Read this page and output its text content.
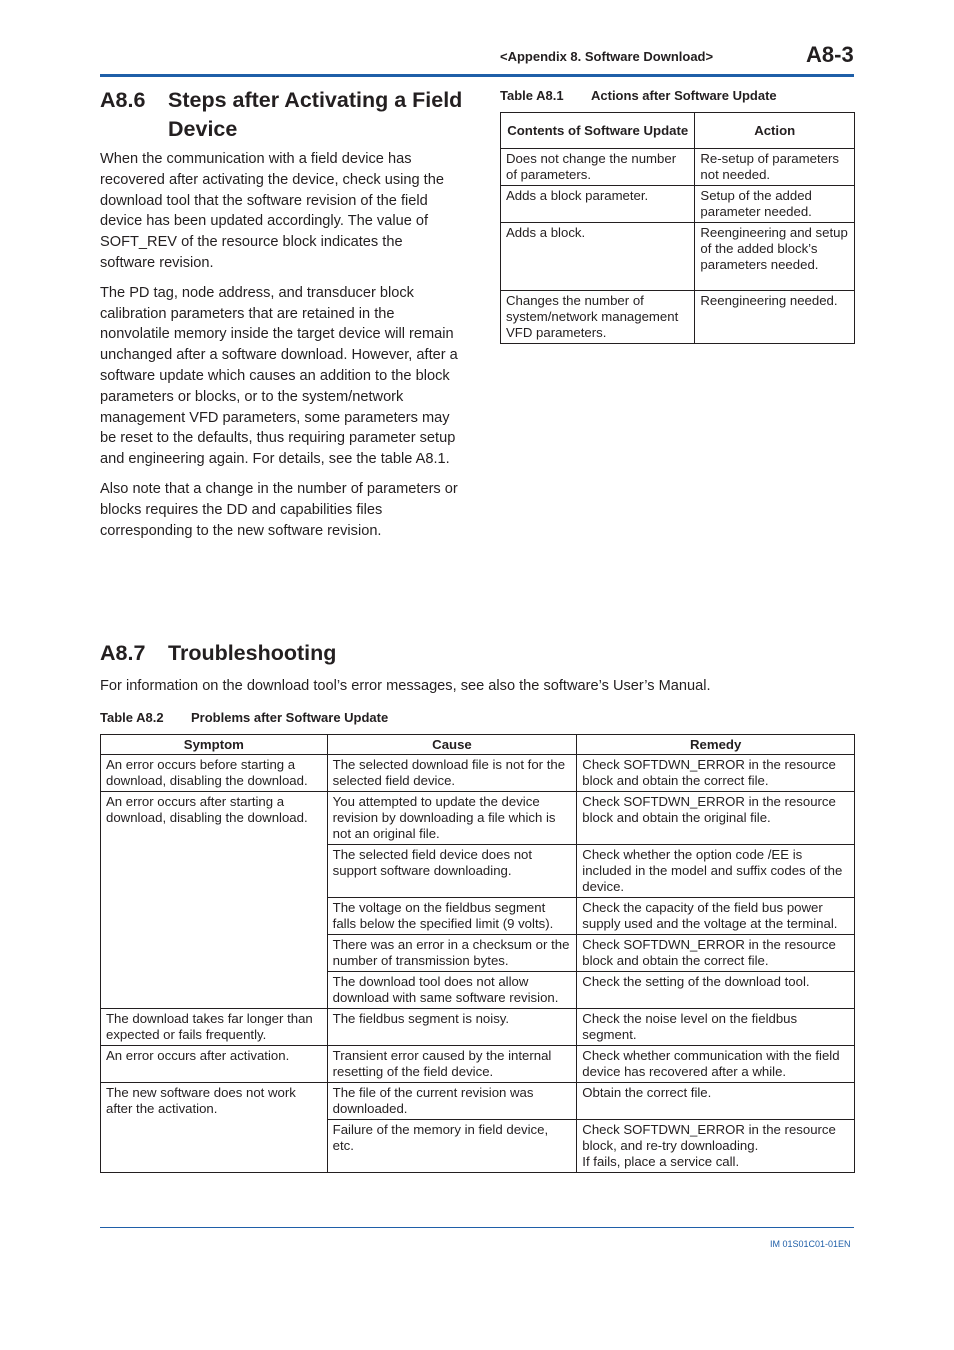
<Appendix 8. Software Download>	A8-3
A8.6 Steps after Activating a Field Device

When the communication with a field device has recovered after activating the device, check using the download tool that the software revision of the field device has been updated accordingly. The value of SOFT_REV of the resource block indicates the software revision.

The PD tag, node address, and transducer block calibration parameters that are retained in the nonvolatile memory inside the target device will remain unchanged after a software download. However, after a software update which causes an addition to the block parameters or blocks, or to the system/network management VFD parameters, some parameters may be reset to the defaults, thus requiring parameter setup and engineering again. For details, see the table A8.1.

Also note that a change in the number of parameters or blocks requires the DD and capabilities files corresponding to the new software revision.

Table A8.1 Actions after Software Update
Contents of Software Update	Action
Does not change the number of parameters.	Re-setup of parameters not needed.
Adds a block parameter.	Setup of the added parameter needed.
Adds a block.	Reengineering and setup of the added block’s parameters needed.
Changes the number of system/network management VFD parameters.	Reengineering needed.
A8.7 Troubleshooting
For information on the download tool’s error messages, see also the software’s User’s Manual.
Table A8.2 Problems after Software Update
Symptom	Cause	Remedy
An error occurs before starting a download, disabling the download.	The selected download file is not for the selected field device.	Check SOFTDWN_ERROR in the resource block and obtain the correct file.
An error occurs after starting a download, disabling the download.	You attempted to update the device revision by downloading a file which is not an original file.	Check SOFTDWN_ERROR in the resource block and obtain the original file.
	The selected field device does not support software downloading.	Check whether the option code /EE is included in the model and suffix codes of the device.
	The voltage on the fieldbus segment falls below the specified limit (9 volts).	Check the capacity of the field bus power supply used and the voltage at the terminal.
	There was an error in a checksum or the number of transmission bytes.	Check SOFTDWN_ERROR in the resource block and obtain the correct file.
	The download tool does not allow download with same software revision.	Check the setting of the download tool.
The download takes far longer than expected or fails frequently.	The fieldbus segment is noisy.	Check the noise level on the fieldbus segment.
An error occurs after activation.	Transient error caused by the internal resetting of the field device.	Check whether communication with the field device has recovered after a while.
The new software does not work after the activation.	The file of the current revision was downloaded.	Obtain the correct file.
	Failure of the memory in field device, etc.	Check SOFTDWN_ERROR in the resource block, and re-try downloading.
If fails, place a service call.
IM 01S01C01-01EN
